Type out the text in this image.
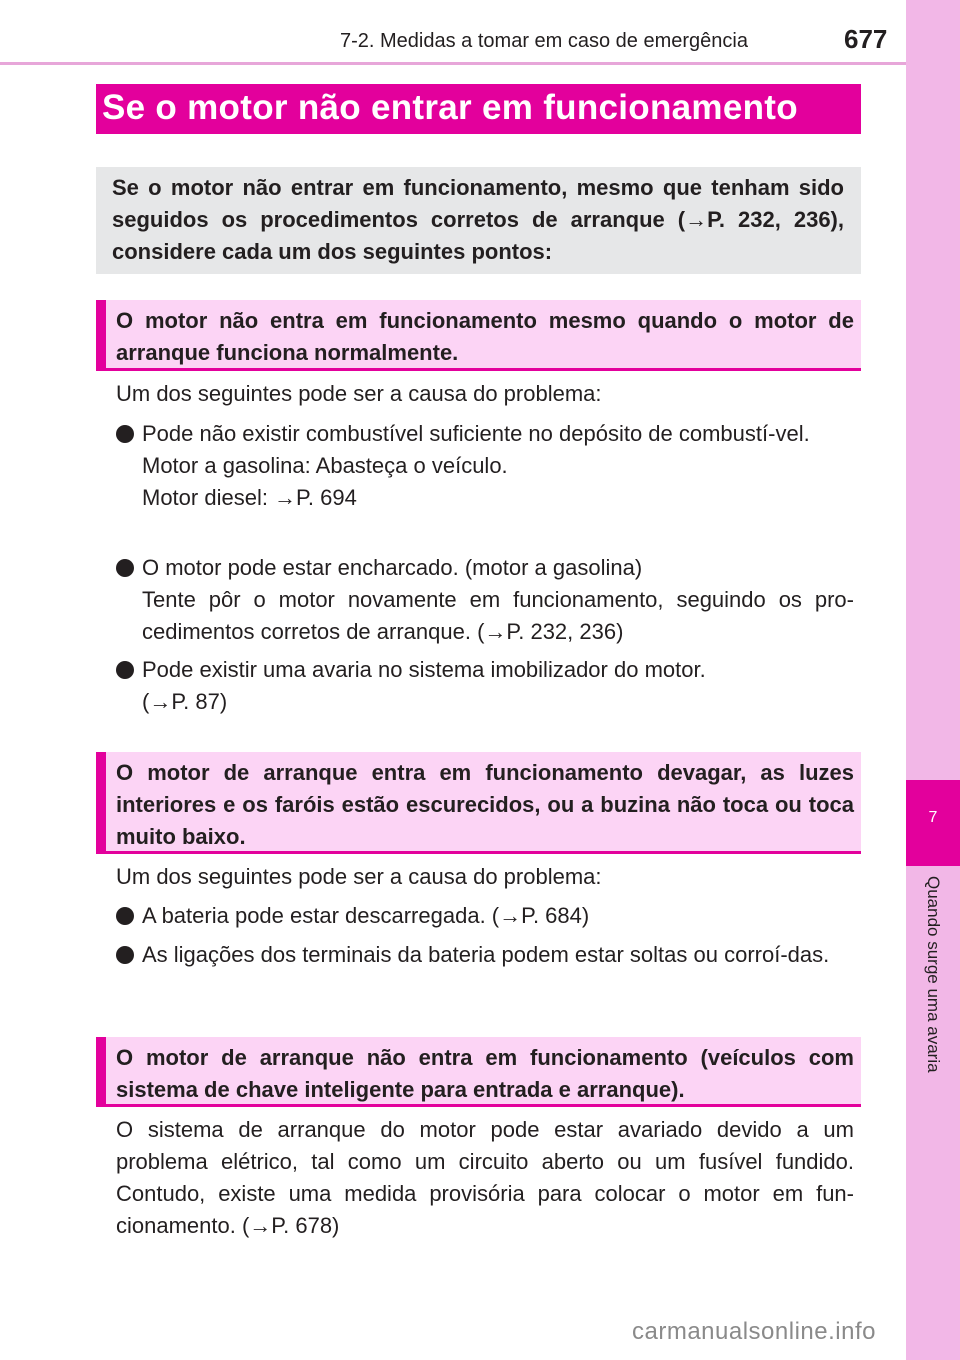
7-2. Medidas a tomar em caso de emergência	677
7
Quando surge uma avaria
Se o motor não entrar em funcionamento
Se o motor não entrar em funcionamento, mesmo que tenham sido seguidos os procedimentos corretos de arranque (→P. 232, 236), considere cada um dos seguintes pontos:
O motor não entra em funcionamento mesmo quando o motor de arranque funciona normalmente.
Um dos seguintes pode ser a causa do problema:
Pode não existir combustível suficiente no depósito de combustí-vel.
Motor a gasolina: Abasteça o veículo.
Motor diesel: →P. 694
O motor pode estar encharcado. (motor a gasolina)
Tente pôr o motor novamente em funcionamento, seguindo os pro-cedimentos corretos de arranque. (→P. 232, 236)
Pode existir uma avaria no sistema imobilizador do motor.
(→P. 87)
O motor de arranque entra em funcionamento devagar, as luzes interiores e os faróis estão escurecidos, ou a buzina não toca ou toca muito baixo.
Um dos seguintes pode ser a causa do problema:
A bateria pode estar descarregada. (→P. 684)
As ligações dos terminais da bateria podem estar soltas ou corroí-das.
O motor de arranque não entra em funcionamento (veículos com sistema de chave inteligente para entrada e arranque).
O sistema de arranque do motor pode estar avariado devido a um problema elétrico, tal como um circuito aberto ou um fusível fundido. Contudo, existe uma medida provisória para colocar o motor em fun-cionamento. (→P. 678)
carmanualsonline.info
